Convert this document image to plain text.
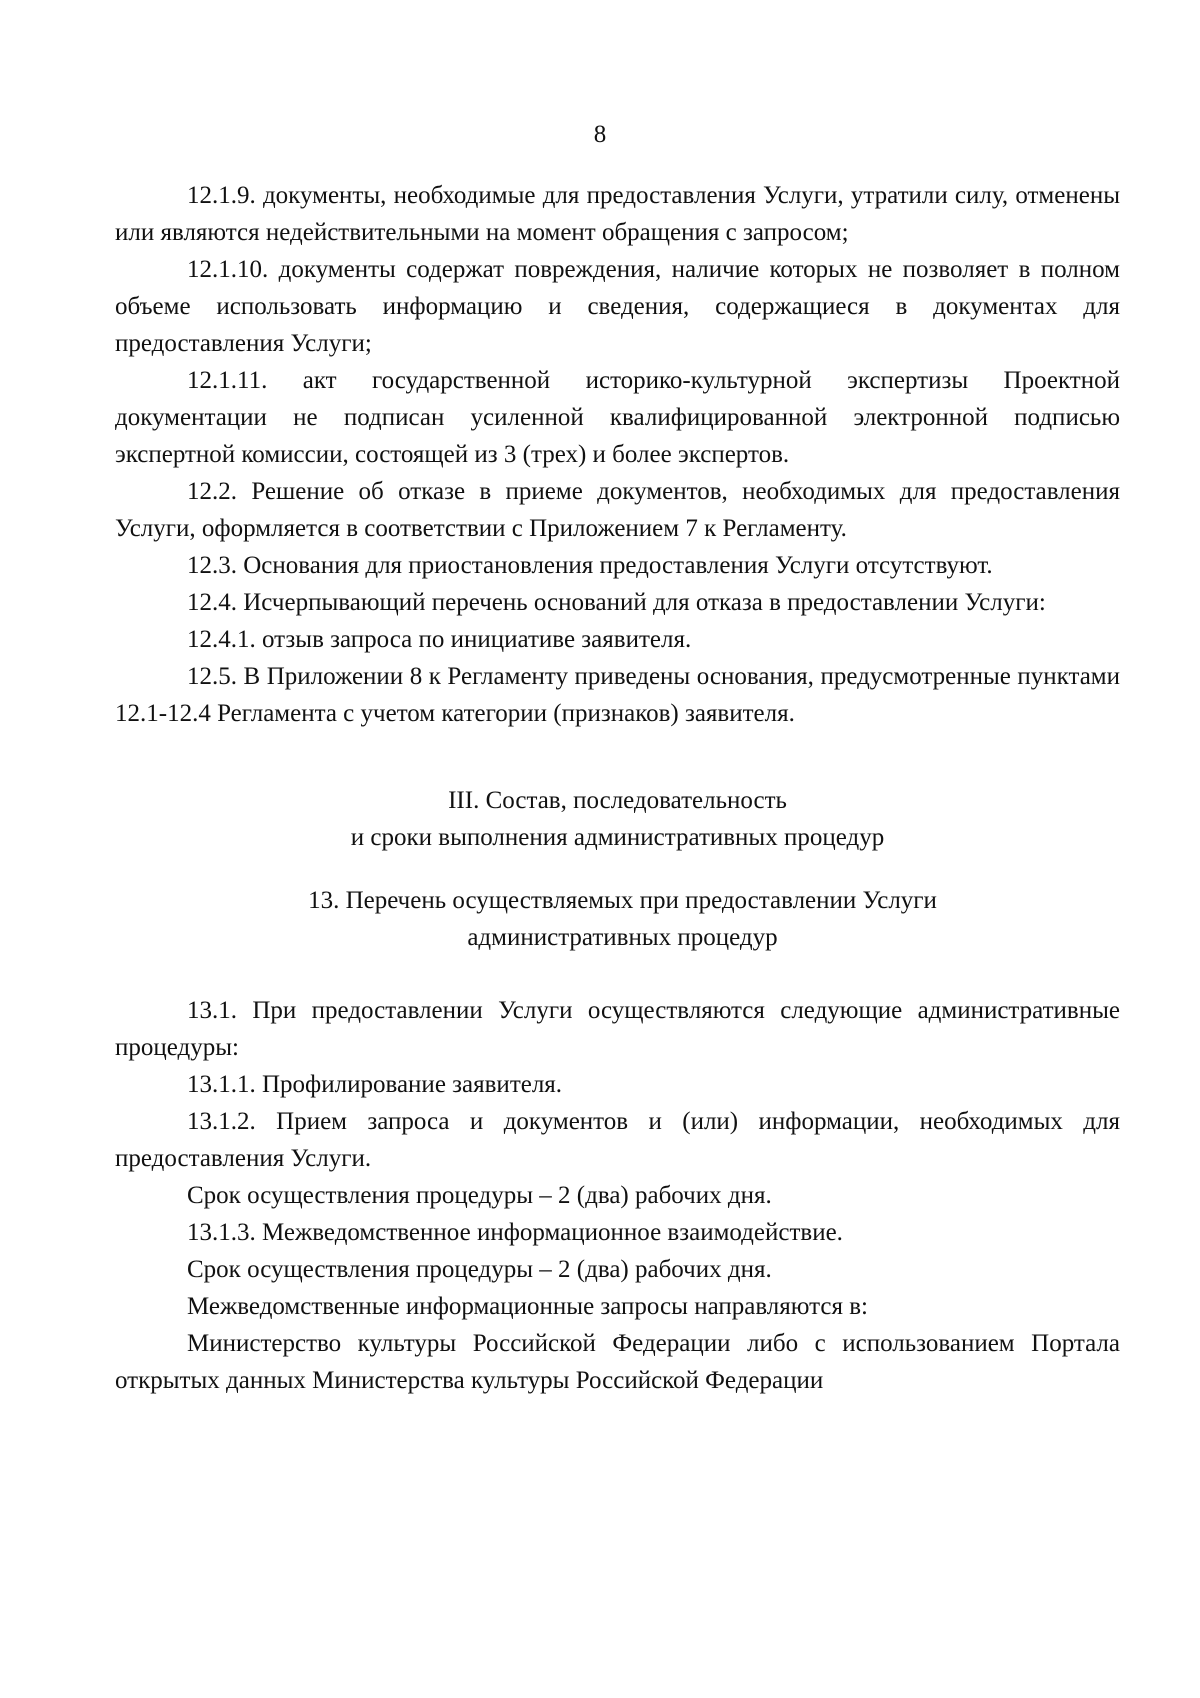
8

12.1.9. документы, необходимые для предоставления Услуги, утратили силу, отменены или являются недействительными на момент обращения с запросом;

12.1.10. документы содержат повреждения, наличие которых не позволяет в полном объеме использовать информацию и сведения, содержащиеся в документах для предоставления Услуги;

12.1.11. акт государственной историко-культурной экспертизы Проектной документации не подписан усиленной квалифицированной электронной подписью экспертной комиссии, состоящей из 3 (трех) и более экспертов.

12.2. Решение об отказе в приеме документов, необходимых для предоставления Услуги, оформляется в соответствии с Приложением 7 к Регламенту.

12.3. Основания для приостановления предоставления Услуги отсутствуют.

12.4. Исчерпывающий перечень оснований для отказа в предоставлении Услуги:

12.4.1. отзыв запроса по инициативе заявителя.

12.5. В Приложении 8 к Регламенту приведены основания, предусмотренные пунктами 12.1-12.4 Регламента с учетом категории (признаков) заявителя.

III. Состав, последовательность

и сроки выполнения административных процедур

13. Перечень осуществляемых при предоставлении Услуги

административных процедур

13.1. При предоставлении Услуги осуществляются следующие административные процедуры:

13.1.1. Профилирование заявителя.

13.1.2. Прием запроса и документов и (или) информации, необходимых для предоставления Услуги.

Срок осуществления процедуры – 2 (два) рабочих дня.

13.1.3. Межведомственное информационное взаимодействие.

Срок осуществления процедуры – 2 (два) рабочих дня.

Межведомственные информационные запросы направляются в:

Министерство культуры Российской Федерации либо с использованием Портала открытых данных Министерства культуры Российской Федерации
